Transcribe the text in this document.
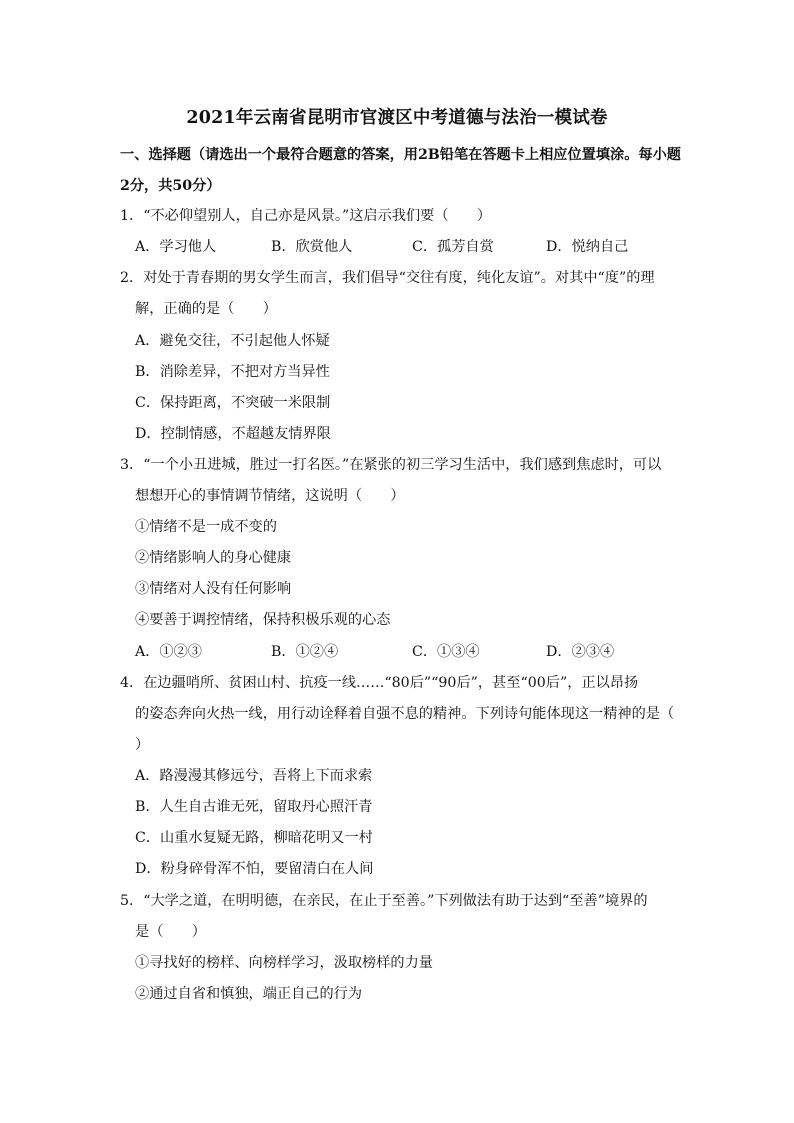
2021年云南省昆明市官渡区中考道德与法治一模试卷
一、选择题（请选出一个最符合题意的答案，用2B铅笔在答题卡上相应位置填涂。每小题
2分，共50分）
1．“不必仰望别人，自己亦是风景。”这启示我们要（　　）
A．学习他人	B．欣赏他人	C．孤芳自赏	D．悦纳自己
2．对处于青春期的男女学生而言，我们倡导“交往有度，纯化友谊”。对其中“度”的理
解，正确的是（　　）
A．避免交往，不引起他人怀疑
B．消除差异，不把对方当异性
C．保持距离，不突破一米限制
D．控制情感，不超越友情界限
3．“一个小丑进城，胜过一打名医。”在紧张的初三学习生活中，我们感到焦虑时，可以
想想开心的事情调节情绪，这说明（　　）
①情绪不是一成不变的
②情绪影响人的身心健康
③情绪对人没有任何影响
④要善于调控情绪，保持积极乐观的心态
A．①②③	B．①②④	C．①③④	D．②③④
4．在边疆哨所、贫困山村、抗疫一线……“80后”“90后”，甚至“00后”，正以昂扬
的姿态奔向火热一线，用行动诠释着自强不息的精神。下列诗句能体现这一精神的是（
）
A．路漫漫其修远兮，吾将上下而求索
B．人生自古谁无死，留取丹心照汗青
C．山重水复疑无路，柳暗花明又一村
D．粉身碎骨浑不怕，要留清白在人间
5．“大学之道，在明明德，在亲民，在止于至善。”下列做法有助于达到“至善”境界的
是（　　）
①寻找好的榜样、向榜样学习，汲取榜样的力量
②通过自省和慎独，端正自己的行为
